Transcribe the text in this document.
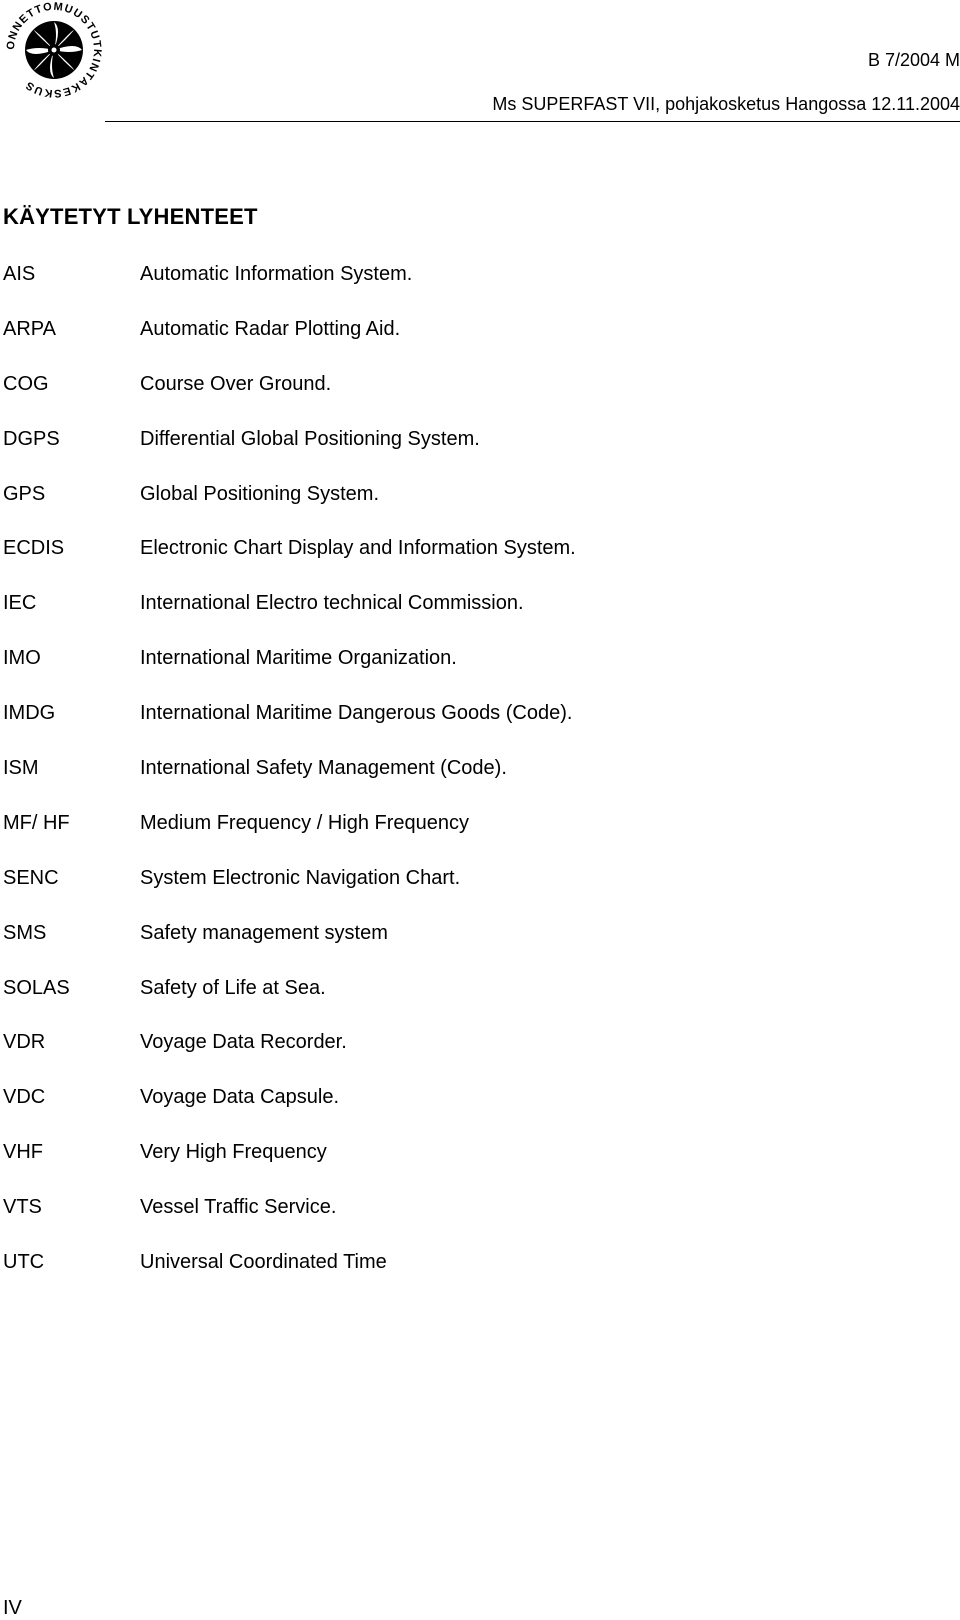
ONNETTOMUUSTUTKINTAKESKUS
B 7/2004 M
Ms SUPERFAST VII, pohjakosketus Hangossa 12.11.2004
KÄYTETYT LYHENTEET
AIS	Automatic Information System.
ARPA	Automatic Radar Plotting Aid.
COG	Course Over Ground.
DGPS	Differential Global Positioning System.
GPS	Global Positioning System.
ECDIS	Electronic Chart Display and Information System.
IEC	International Electro technical Commission.
IMO	International Maritime Organization.
IMDG	International Maritime Dangerous Goods (Code).
ISM	International Safety Management (Code).
MF/ HF	Medium Frequency / High Frequency
SENC	System Electronic Navigation Chart.
SMS	Safety management system
SOLAS	Safety of Life at Sea.
VDR	Voyage Data Recorder.
VDC	Voyage Data Capsule.
VHF	Very High Frequency
VTS	Vessel Traffic Service.
UTC	Universal Coordinated Time
IV
